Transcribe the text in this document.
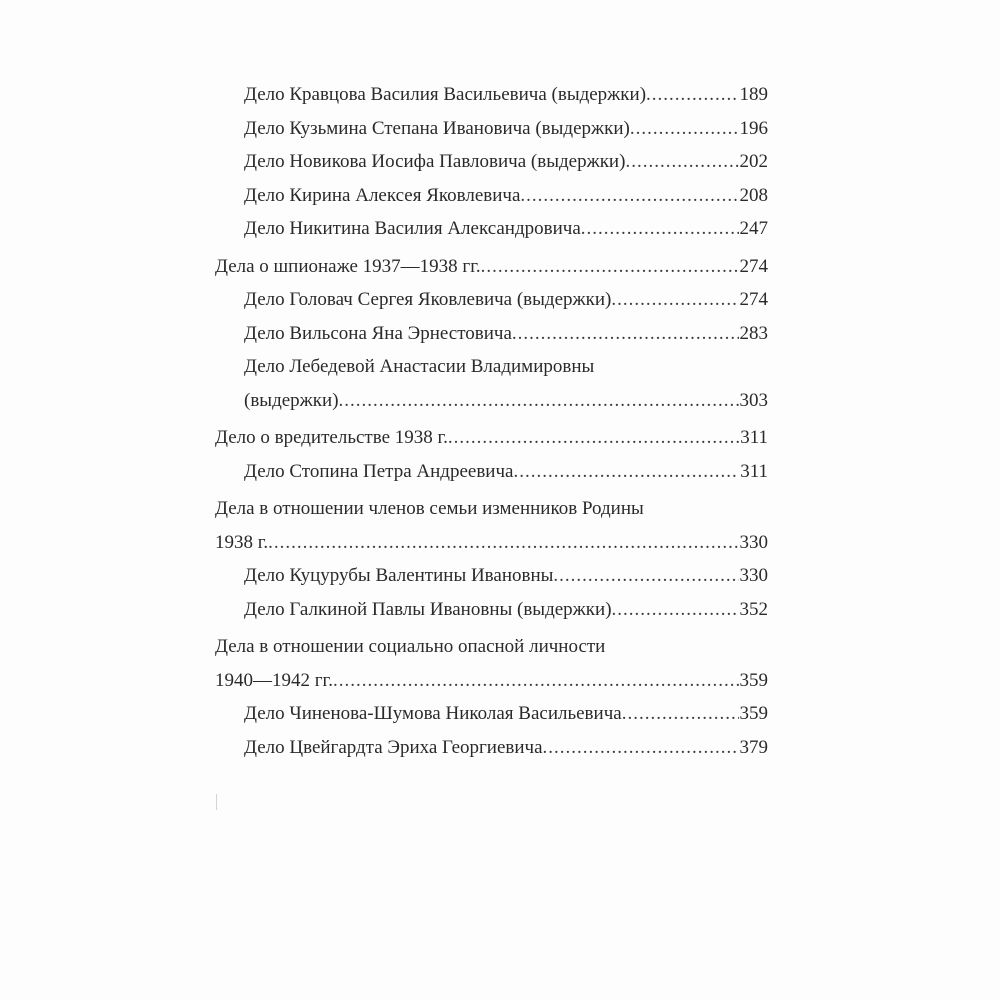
Дело Кравцова Василия Васильевича (выдержки) .....	189
Дело Кузьмина Степана Ивановича (выдержки) .....	196
Дело Новикова Иосифа Павловича (выдержки) .....	202
Дело Кирина Алексея Яковлевича .....	208
Дело Никитина Василия Александровича .....	247
Дела о шпионаже 1937—1938 гг. .....	274
Дело Головач Сергея Яковлевича (выдержки) .....	274
Дело Вильсона Яна Эрнестовича .....	283
Дело Лебедевой Анастасии Владимировны
(выдержки) .....	303
Дело о вредительстве 1938 г. .....	311
Дело Стопина Петра Андреевича .....	311
Дела в отношении членов семьи изменников Родины
1938 г. .....	330
Дело Куцурубы Валентины Ивановны .....	330
Дело Галкиной Павлы Ивановны (выдержки) .....	352
Дела в отношении социально опасной личности
1940—1942 гг. .....	359
Дело Чиненова-Шумова Николая Васильевича .....	359
Дело Цвейгардта Эриха Георгиевича .....	379
